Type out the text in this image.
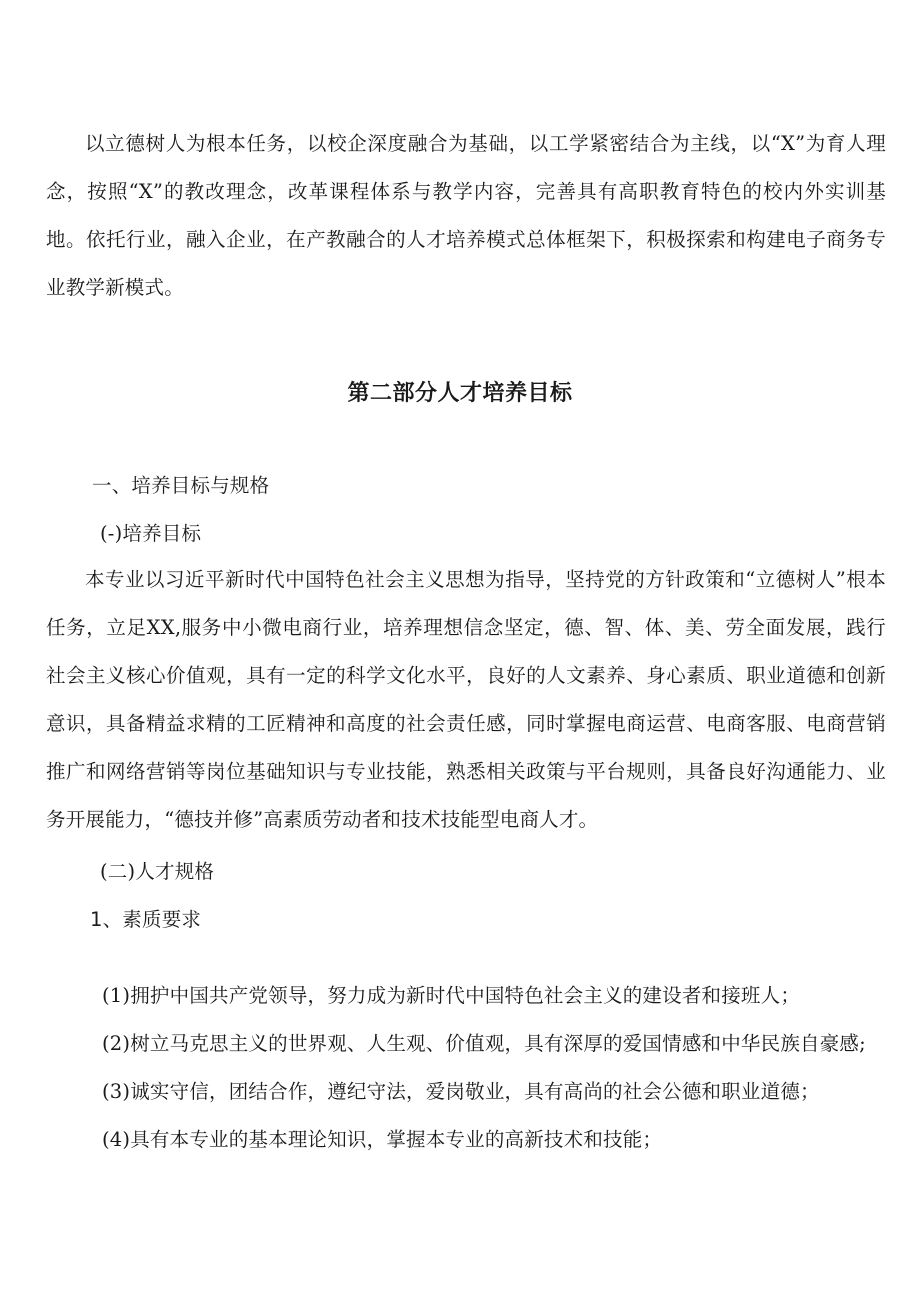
以立德树人为根本任务，以校企深度融合为基础，以工学紧密结合为主线，以“X”为育人理念，按照“X”的教改理念，改革课程体系与教学内容，完善具有高职教育特色的校内外实训基地。依托行业，融入企业，在产教融合的人才培养模式总体框架下，积极探索和构建电子商务专业教学新模式。

第二部分人才培养目标

一、培养目标与规格

(-)培养目标

本专业以习近平新时代中国特色社会主义思想为指导，坚持党的方针政策和“立德树人”根本任务，立足XX,服务中小微电商行业，培养理想信念坚定，德、智、体、美、劳全面发展，践行社会主义核心价值观，具有一定的科学文化水平，良好的人文素养、身心素质、职业道德和创新意识，具备精益求精的工匠精神和高度的社会责任感，同时掌握电商运营、电商客服、电商营销推广和网络营销等岗位基础知识与专业技能，熟悉相关政策与平台规则，具备良好沟通能力、业务开展能力，“德技并修”高素质劳动者和技术技能型电商人才。

(二)人才规格

1、素质要求

(1)拥护中国共产党领导，努力成为新时代中国特色社会主义的建设者和接班人；

(2)树立马克思主义的世界观、人生观、价值观，具有深厚的爱国情感和中华民族自豪感;

(3)诚实守信，团结合作，遵纪守法，爱岗敬业，具有高尚的社会公德和职业道德；

(4)具有本专业的基本理论知识，掌握本专业的高新技术和技能；
